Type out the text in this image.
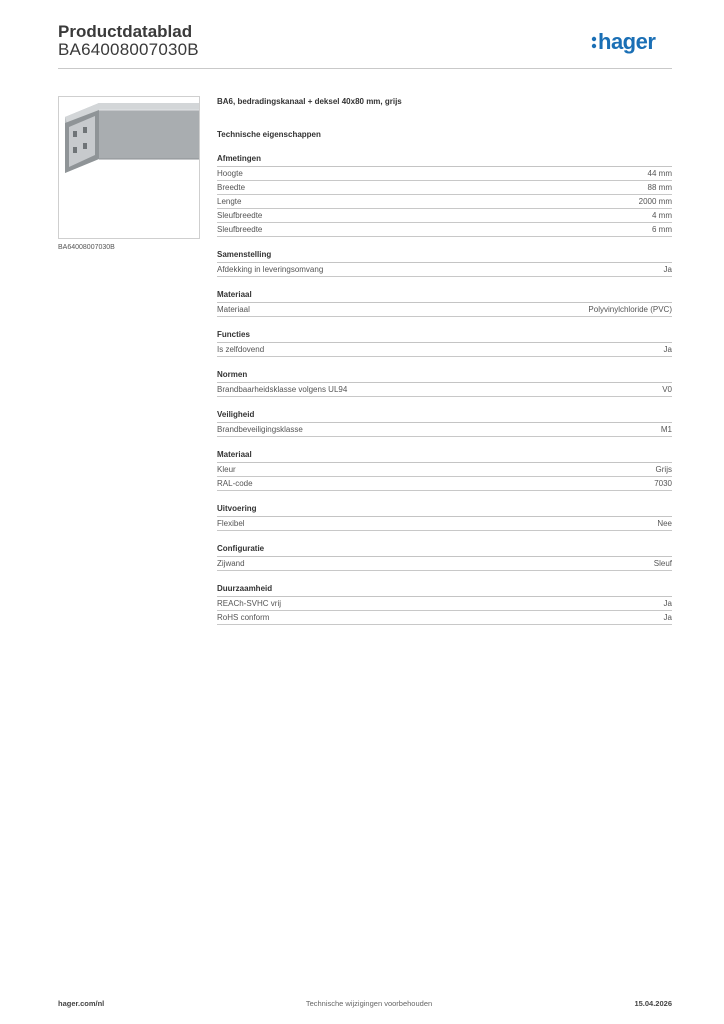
Productdatablad
BA64008007030B	hager
BA64008007030B
BA6, bedradingskanaal + deksel 40x80 mm, grijs
Technische eigenschappen
Afmetingen
Hoogte	44 mm
Breedte	88 mm
Lengte	2000 mm
Sleufbreedte	4 mm
Sleufbreedte	6 mm
Samenstelling
Afdekking in leveringsomvang	Ja
Materiaal
Materiaal	Polyvinylchloride (PVC)
Functies
Is zelfdovend	Ja
Normen
Brandbaarheidsklasse volgens UL94	V0
Veiligheid
Brandbeveiligingsklasse	M1
Materiaal
Kleur	Grijs
RAL-code	7030
Uitvoering
Flexibel	Nee
Configuratie
Zijwand	Sleuf
Duurzaamheid
REACh-SVHC vrij	Ja
RoHS conform	Ja
hager.com/nl	Technische wijzigingen voorbehouden	15.04.2026
